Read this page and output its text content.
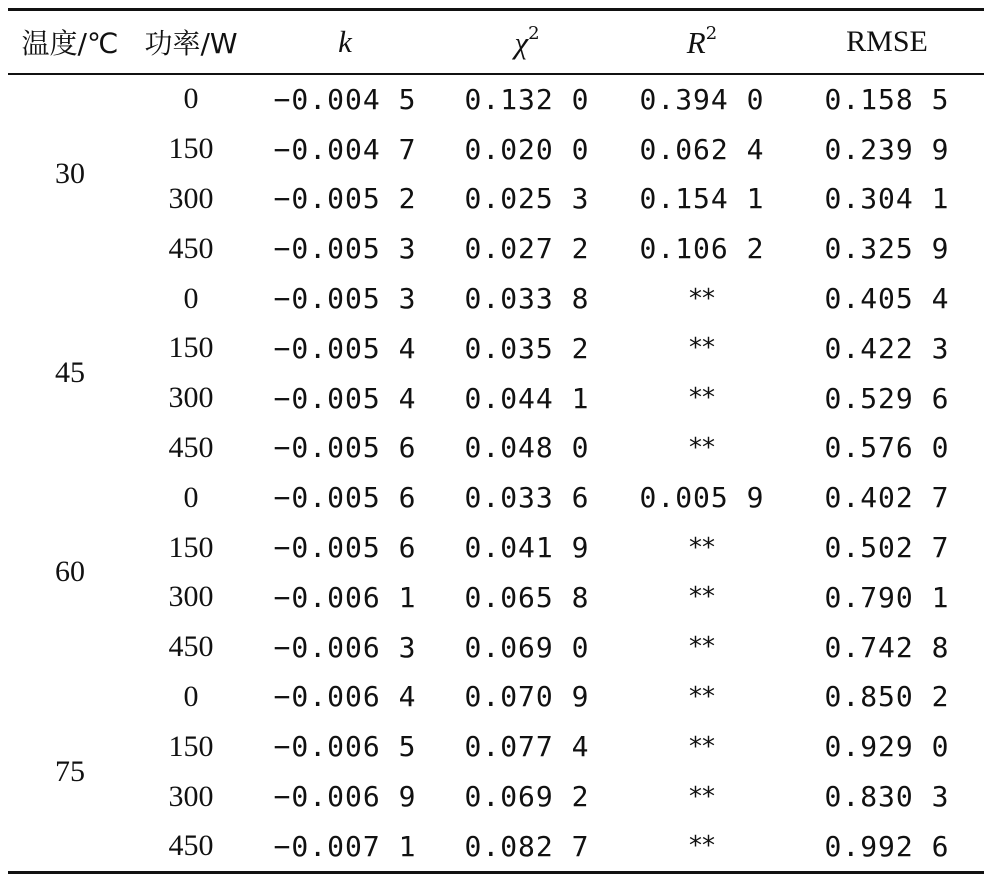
温度/℃	功率/W	k	$\chi^2$	$R^2$	RMSE
30	0	−0.004 5	0.132 0	0.394 0	0.158 5
	150	−0.004 7	0.020 0	0.062 4	0.239 9
	300	−0.005 2	0.025 3	0.154 1	0.304 1
	450	−0.005 3	0.027 2	0.106 2	0.325 9
45	0	−0.005 3	0.033 8	**	0.405 4
	150	−0.005 4	0.035 2	**	0.422 3
	300	−0.005 4	0.044 1	**	0.529 6
	450	−0.005 6	0.048 0	**	0.576 0
60	0	−0.005 6	0.033 6	0.005 9	0.402 7
	150	−0.005 6	0.041 9	**	0.502 7
	300	−0.006 1	0.065 8	**	0.790 1
	450	−0.006 3	0.069 0	**	0.742 8
75	0	−0.006 4	0.070 9	**	0.850 2
	150	−0.006 5	0.077 4	**	0.929 0
	300	−0.006 9	0.069 2	**	0.830 3
	450	−0.007 1	0.082 7	**	0.992 6
